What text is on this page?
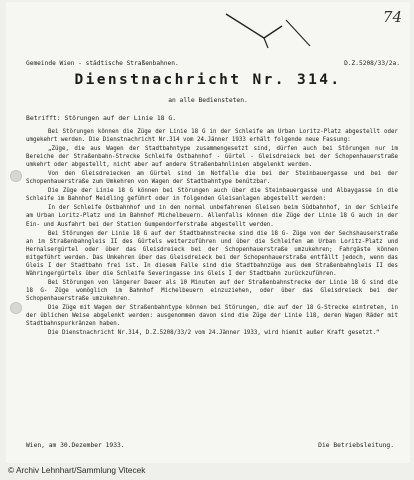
74
Gemeinde Wien - städtische Straßenbahnen.	D.Z.5208/33/2a.
Dienstnachricht Nr. 314.
an alle Bediensteten.
Betrifft: Störungen auf der Linie 18 G.

Bei Störungen können die Züge der Linie 18 G in der Schleife am Urban Loritz-Platz abgestellt oder umgekehrt werden. Die Dienstnachricht Nr.314 vom 24.Jänner 1933 erhält folgende neue Fassung:

„Züge, die aus Wagen der Stadtbahntype zusammengesetzt sind, dürfen auch bei Störungen nur im Bereiche der Straßenbahn-Strecke Schleife Ostbahnhof - Gürtel - Gleisdreieck bei der Schopenhauerstraße umkehrt oder abgestellt, nicht aber auf andere Straßenbahnlinien abgelenkt werden.

Von den Gleisdreiecken am Gürtel sind im Notfalle die bei der Steinbauergasse und bei der Schopenhauerstraße zum Umkehren von Wagen der Stadtbahntype benützbar.

Die Züge der Linie 18 G können bei Störungen auch über die Steinbauergasse und Albaygasse in die Schleife im Bahnhof Meidling geführt oder in folgenden Gleisanlagen abgestellt werden:

In der Schleife Ostbahnhof und in den normal unbefahrenen Gleisen beim Südbahnhof, in der Schleife am Urban Loritz-Platz und im Bahnhof Michelbeuern. Allenfalls können die Züge der Linie 18 G auch in der Ein- und Ausfahrt bei der Station Gumpendorferstraße abgestellt werden.

Bei Störungen der Linie 18 G auf der Stadtbahnstrecke sind die 18 G- Züge von der Sechshauserstraße an im Straßenbahngleis II des Gürtels weiterzuführen und über die Schleifen am Urban Loritz-Platz und Hernalsergürtel oder über das Gleisdreieck bei der Schopenhauerstraße umzukehren; Fahrgäste können mitgeführt werden. Das Umkehren über das Gleisdreieck bei der Schopenhauerstraße entfällt jedoch, wenn das Gleis I der Stadtbahn frei ist. In diesem Falle sind die Stadtbahnzüge aus dem Straßenbahngleis II des Währingergürtels über die Schleife Severingasse ins Gleis I der Stadtbahn zurückzuführen.

Bei Störungen von längerer Dauer als 10 Minuten auf der Straßenbahnstrecke der Linie 18 G sind die 18 G- Züge womöglich im Bahnhof Michelbeuern einzuziehen, oder über das Gleisdreieck bei der Schopenhauerstraße umzukehren.

Die Züge mit Wagen der Straßenbahntype können bei Störungen, die auf der 18 G-Strecke eintreten, in der üblichen Weise abgelenkt werden: ausgenommen davon sind die Züge der Linie 118, deren Wagen Räder mit Stadtbahnspurkränzen haben.

Die Dienstnachricht Nr.314, D.Z.5208/33/2 vom 24.Jänner 1933, wird hiemit außer Kraft gesetzt.“

Wien, am 30.Dezember 1933.	Die Betriebsleitung.
© Archiv Lehnhart/Sammlung Vitecek
